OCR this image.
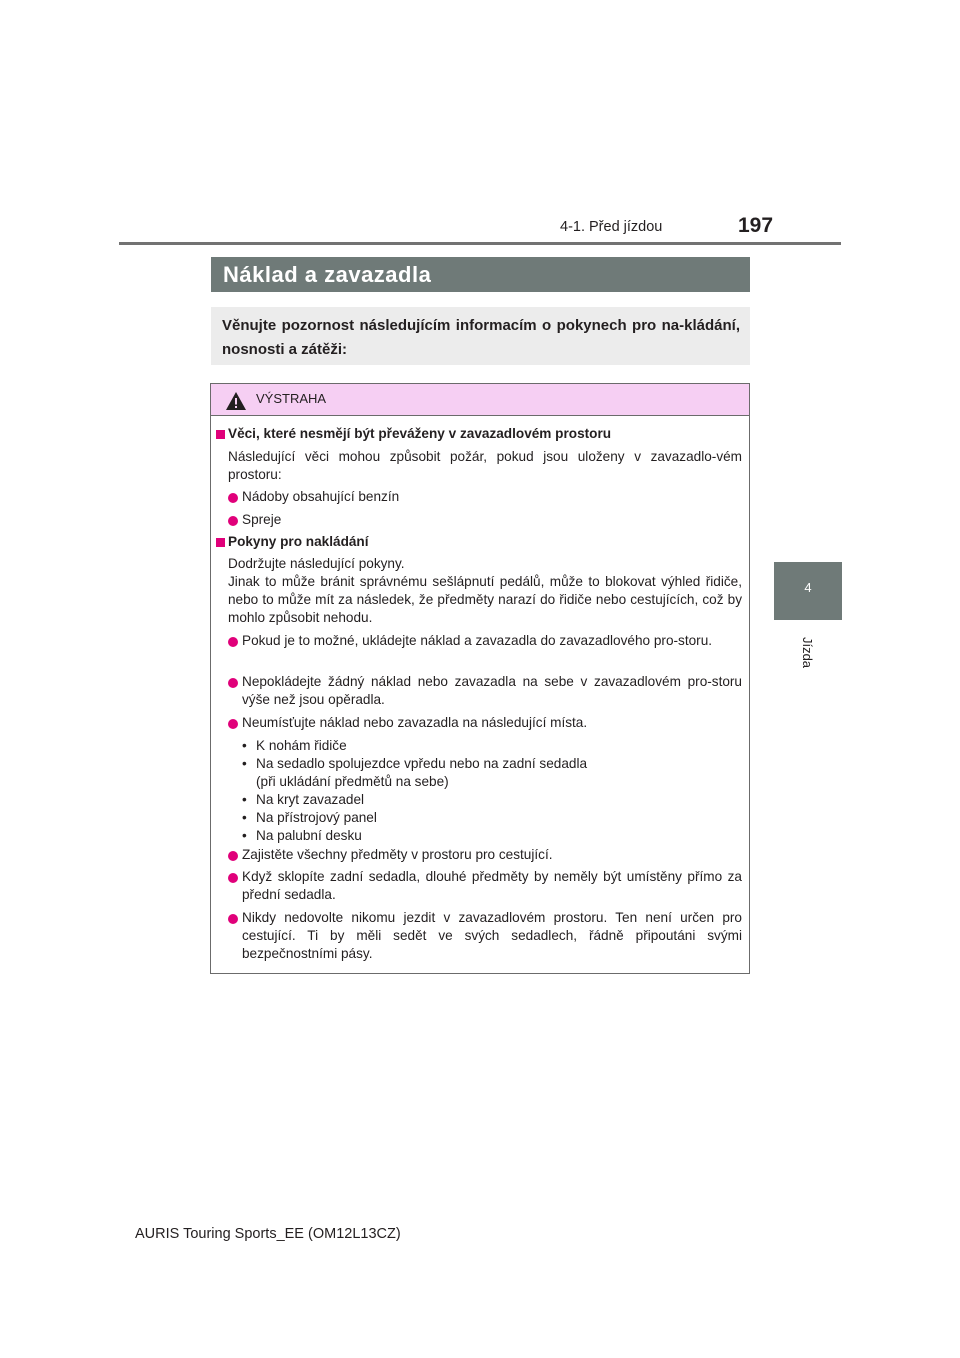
4-1. Před jízdou	197
4
Jízda
Náklad a zavazadla
Věnujte pozornost následujícím informacím o pokynech pro na-kládání, nosnosti a zátěži:
VÝSTRAHA
Věci, které nesmějí být převáženy v zavazadlovém prostoru
Následující věci mohou způsobit požár, pokud jsou uloženy v zavazadlo-vém prostoru:
Nádoby obsahující benzín
Spreje
Pokyny pro nakládání
Dodržujte následující pokyny.
Jinak to může bránit správnému sešlápnutí pedálů, může to blokovat výhled řidiče, nebo to může mít za následek, že předměty narazí do řidiče nebo cestujících, což by mohlo způsobit nehodu.
Pokud je to možné, ukládejte náklad a zavazadla do zavazadlového pro-storu.
Nepokládejte žádný náklad nebo zavazadla na sebe v zavazadlovém pro-storu výše než jsou opěradla.
Neumísťujte náklad nebo zavazadla na následující místa.
• K nohám řidiče
• Na sedadlo spolujezdce vpředu nebo na zadní sedadla
(při ukládání předmětů na sebe)
• Na kryt zavazadel
• Na přístrojový panel
• Na palubní desku
Zajistěte všechny předměty v prostoru pro cestující.
Když sklopíte zadní sedadla, dlouhé předměty by neměly být umístěny přímo za přední sedadla.
Nikdy nedovolte nikomu jezdit v zavazadlovém prostoru. Ten není určen pro cestující. Ti by měli sedět ve svých sedadlech, řádně připoutáni svými bezpečnostními pásy.
AURIS Touring Sports_EE (OM12L13CZ)
